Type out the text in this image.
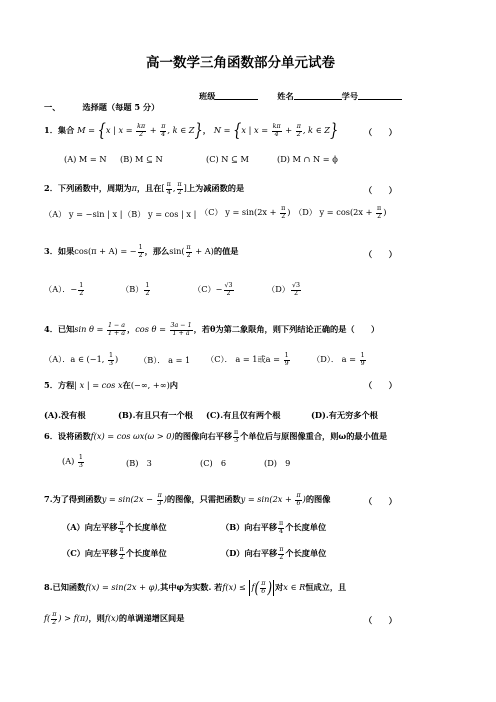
高一数学三角函数部分单元试卷
班级	姓名	学号
一、	选择题（每题 5 分）
1．集合 M = {x | $x = \frac{k\pi}{2} + \frac{\pi}{4}$ , k ∈ Z}， N = {x | $x = \frac{k\pi}{4} + \frac{\pi}{2}$ , k ∈ Z}	（　　）
(A) M = N (B) M ⊆ N	(C) N ⊆ M	(D) M ∩ N = ϕ
2．下列函数中，周期为π，且在[ $\frac{\pi}{4}$ , $\frac{\pi}{2}$ ]上为减函数的是	（　　）
（A） y = −sin | x | （B） y = cos | x | （C） $y = \sin(2x + \frac{\pi}{2}$ ) （D） $y = \cos(2x + \frac{\pi}{2}$ )
3．如果cos(π + A) = − $\frac{1}{2}$ ，那么$\sin( \frac{\pi}{2} + A)$的值是	（　　）
（A）．− $\frac{1}{2}$	$(B) \frac{1}{2}$	$(C)- \frac{√3}{2}$	$(D) \frac{√3}{2}$
4．已知$\sin \theta = \frac{1 - a}{1 + a}$ ，$\cos \theta = \frac{3a - 1}{1 + a}$ ，若θ为第二象限角，则下列结论正确的是（　　）
（A）．a ∈ (−1, $\frac{1}{3}$ )	（B）． a = 1 （C）． a = 1或$a = \frac{1}{9}$	（D）． $a = \frac{1}{9}$
5．方程| x | = cos x在(−∞, +∞)内	（　　）
(A).没有根	(B).有且只有一个根 (C).有且仅有两个根	(D).有无穷多个根
6．设将函数f(x) = cos ωx(ω > 0)的图像向右平移 $\frac{\pi}{3}$ 个单位后与原图像重合，则ω的最小值是
$(A) \frac{1}{3}$	(B)　3	(C)　6	(D)　9
7.为了得到函数$y = \sin(2x - \frac{\pi}{3}$ )的图像，只需把函数$y = \sin(2x + \frac{\pi}{6}$ )的图像	（　　）
（A）向左平移 $\frac{\pi}{4}$ 个长度单位	（B）向右平移 $\frac{\pi}{4}$ 个长度单位
（C）向左平移 $\frac{\pi}{2}$ 个长度单位	（D）向右平移 $\frac{\pi}{2}$ 个长度单位
8.已知函数f(x) = sin(2x + φ),其中φ为实数. 若$f(x) \le f( \frac{\pi}{6}$ ) 对x ∈ R恒成立，且
$f( \frac{\pi}{2}$ ) > f(π)，则f(x)的单调递增区间是	（　　）
